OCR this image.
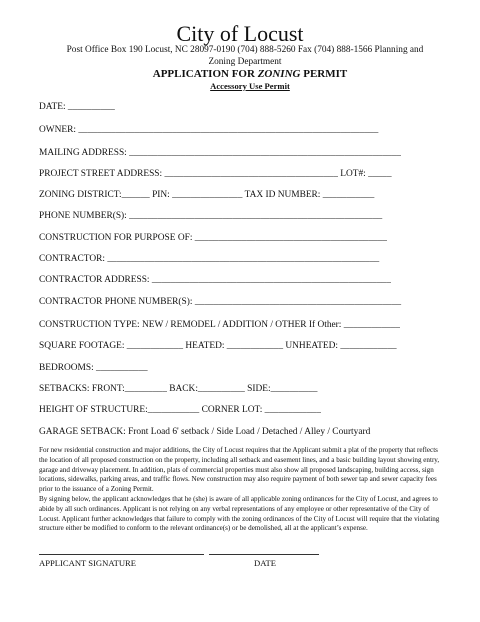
City of Locust
Post Office Box 190 Locust, NC 28097-0190 (704) 888-5260 Fax (704) 888-1566 Planning and
Zoning Department
APPLICATION FOR ZONING PERMIT
Accessory Use Permit
DATE: __________
OWNER: ________________________________________________________________
MAILING ADDRESS: __________________________________________________________
PROJECT STREET ADDRESS: _____________________________________ LOT#: _____
ZONING DISTRICT:______ PIN: _______________ TAX ID NUMBER: ___________
PHONE NUMBER(S): ______________________________________________________
CONSTRUCTION FOR PURPOSE OF: _________________________________________
CONTRACTOR: __________________________________________________________
CONTRACTOR ADDRESS: ___________________________________________________
CONTRACTOR PHONE NUMBER(S): ____________________________________________
CONSTRUCTION TYPE: NEW / REMODEL / ADDITION / OTHER If Other: ____________
SQUARE FOOTAGE: ____________ HEATED: ____________ UNHEATED: ____________
BEDROOMS: ___________
SETBACKS: FRONT:_________ BACK:__________ SIDE:__________
HEIGHT OF STRUCTURE:___________ CORNER LOT: ____________
GARAGE SETBACK: Front Load 6' setback / Side Load / Detached / Alley / Courtyard

For new residential construction and major additions, the City of Locust requires that the Applicant submit a plat of the property that reflects the location of all proposed construction on the property, including all setback and easement lines, and a basic building layout showing entry, garage and driveway placement. In addition, plats of commercial properties must also show all proposed landscaping, building access, sign locations, sidewalks, parking areas, and traffic flows. New construction may also require payment of both sewer tap and sewer capacity fees prior to the issuance of a Zoning Permit.

By signing below, the applicant acknowledges that he (she) is aware of all applicable zoning ordinances for the City of Locust, and agrees to abide by all such ordinances. Applicant is not relying on any verbal representations of any employee or other representative of the City of Locust. Applicant further acknowledges that failure to comply with the zoning ordinances of the City of Locust will require that the violating structure either be modified to conform to the relevant ordinance(s) or be demolished, all at the applicant’s expense.

APPLICANT SIGNATURE	DATE
